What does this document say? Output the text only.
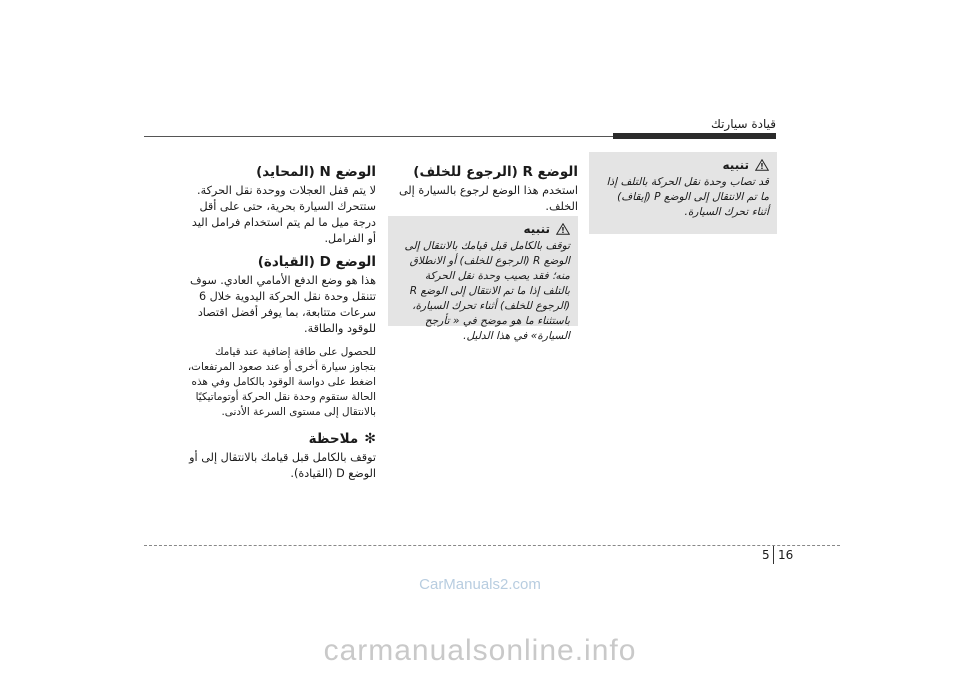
قيادة سيارتك
!
تنبيه
قد تصاب وحدة نقل الحركة بالتلف إذا ما تم الانتقال إلى الوضع P (إيقاف) أثناء تحرك السيارة.
الوضع R (الرجوع للخلف)
استخدم هذا الوضع لرجوع بالسيارة إلى الخلف.
!
تنبيه
توقف بالكامل قبل قيامك بالانتقال إلى الوضع R (الرجوع للخلف) أو الانطلاق منه؛ فقد يصيب وحدة نقل الحركة بالتلف إذا ما تم الانتقال إلى الوضع R (الرجوع للخلف) أثناء تحرك السيارة، باستثناء ما هو موضح في « تأرجح السيارة» في هذا الدليل.
الوضع N (المحايد)
لا يتم قفل العجلات ووحدة نقل الحركة. ستتحرك السيارة بحرية، حتى على أقل درجة ميل ما لم يتم استخدام فرامل اليد أو الفرامل.
الوضع D (القيادة)
هذا هو وضع الدفع الأمامي العادي. سوف تتنقل وحدة نقل الحركة اليدوية خلال 6 سرعات متتابعة، بما يوفر أفضل اقتصاد للوقود والطاقة.
للحصول على طاقة إضافية عند قيامك بتجاوز سيارة أخرى أو عند صعود المرتفعات، اضغط على دواسة الوقود بالكامل وفي هذه الحالة ستقوم وحدة نقل الحركة أوتوماتيكيًا بالانتقال إلى مستوى السرعة الأدنى.
✻ملاحظة
توقف بالكامل قبل قيامك بالانتقال إلى أو الوضع D (القيادة).
5 16
CarManuals2.com
carmanualsonline.info
